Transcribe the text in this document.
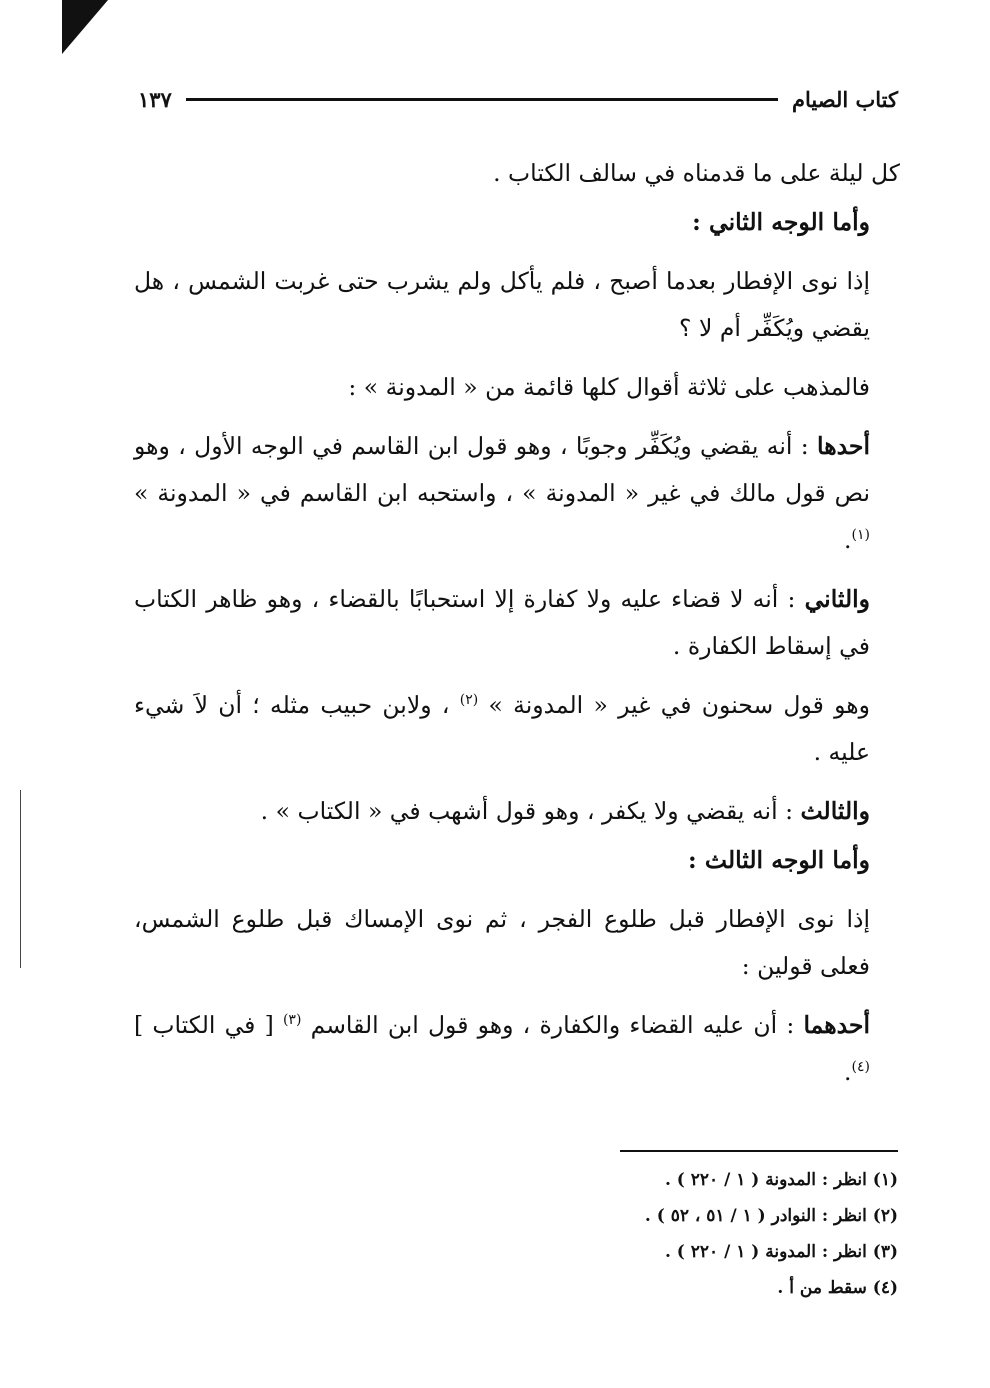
كتاب الصيام
١٣٧

كل ليلة على ما قدمناه في سالف الكتاب .

وأما الوجه الثاني :

إذا نوى الإفطار بعدما أصبح ، فلم يأكل ولم يشرب حتى غربت الشمس ، هل يقضي ويُكَفِّر أم لا ؟

فالمذهب على ثلاثة أقوال كلها قائمة من « المدونة » :

أحدها : أنه يقضي ويُكَفِّر وجوبًا ، وهو قول ابن القاسم في الوجه الأول ، وهو نص قول مالك في غير « المدونة » ، واستحبه ابن القاسم في « المدونة » $^{(١)}$.

والثاني : أنه لا قضاء عليه ولا كفارة إلا استحبابًا بالقضاء ، وهو ظاهر الكتاب في إسقاط الكفارة .

وهو قول سحنون في غير « المدونة » $^{(٢)}$ ، ولابن حبيب مثله ؛ أن لاَ شيء عليه .

والثالث : أنه يقضي ولا يكفر ، وهو قول أشهب في « الكتاب » .

وأما الوجه الثالث :

إذا نوى الإفطار قبل طلوع الفجر ، ثم نوى الإمساك قبل طلوع الشمس، فعلى قولين :

أحدهما : أن عليه القضاء والكفارة ، وهو قول ابن القاسم $^{(٣)}$ [ في الكتاب ] $^{(٤)}$.

(١) انظر : المدونة ( ١ / ٢٢٠ ) .

(٢) انظر : النوادر ( ١ / ٥١ ، ٥٢ ) .

(٣) انظر : المدونة ( ١ / ٢٢٠ ) .

(٤) سقط من أ .
